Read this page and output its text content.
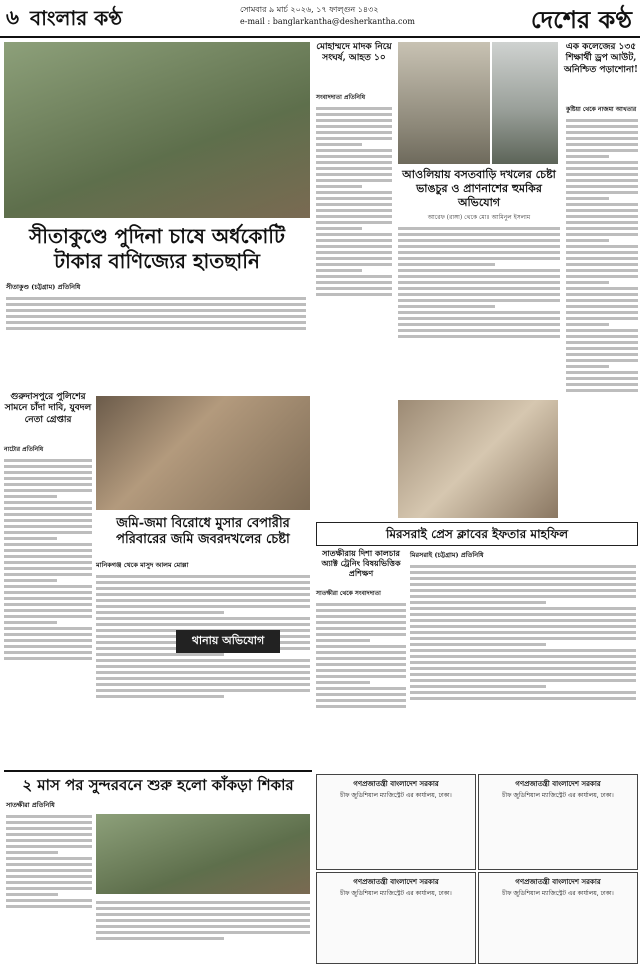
৬ বাংলার কণ্ঠ	সোমবার ৯ মার্চ ২০২৬, ১৭ ফাল্গুন ১৪৩২
e-mail : banglarkantha@desherkantha.com	দেশের কণ্ঠ
সীতাকুণ্ডে পুদিনা চাষে অর্ধকোটি টাকার বাণিজ্যের হাতছানি
সীতাকুণ্ড (চট্টগ্রাম) প্রতিনিধি
মোহাম্মদে মাদক নিয়ে সংঘর্ষ, আহত ১০
সংবাদদাতা প্রতিনিধি
আওলিয়ায় বসতবাড়ি দখলের চেষ্টা ভাঙচুর ও প্রাণনাশের হুমকির অভিযোগ
আরেফ (রাঙ্গা) থেকে মোঃ আমিনুল ইসলাম
এক কলেজের ১৩৫ শিক্ষার্থী ড্রপ আউট, অনিশ্চিত পড়াশোনা!
কুষ্টিয়া থেকে নাজমা আখতার
গুরুদাসপুরে পুলিশের সামনে চাঁদা দাবি, যুবদল নেতা গ্রেপ্তার
নাটোর প্রতিনিধি
জমি-জমা বিরোধে মুসার বেপারীর পরিবারের জমি জবরদখলের চেষ্টা
মানিকগঞ্জ থেকে মাসুদ আলম মোল্লা
থানায় অভিযোগ
মিরসরাই প্রেস ক্লাবের ইফতার মাহফিল
সাতক্ষীরায় দিশা কালচার অ্যাক্ট ট্রেনিং বিষয়ভিত্তিক প্রশিক্ষণ
সাতক্ষীরা থেকে সংবাদদাতা
মিরসরাই (চট্টগ্রাম) প্রতিনিধি
২ মাস পর সুন্দরবনে শুরু হলো কাঁকড়া শিকার
সাতক্ষীরা প্রতিনিধি
গণপ্রজাতন্ত্রী বাংলাদেশ সরকার
চীফ জুডিশিয়াল ম্যাজিস্ট্রেট এর কার্যালয়, ঢাকা।
গণপ্রজাতন্ত্রী বাংলাদেশ সরকার
চীফ জুডিশিয়াল ম্যাজিস্ট্রেট এর কার্যালয়, ঢাকা।
গণপ্রজাতন্ত্রী বাংলাদেশ সরকার
চীফ জুডিশিয়াল ম্যাজিস্ট্রেট এর কার্যালয়, ঢাকা।
গণপ্রজাতন্ত্রী বাংলাদেশ সরকার
চীফ জুডিশিয়াল ম্যাজিস্ট্রেট এর কার্যালয়, ঢাকা।
